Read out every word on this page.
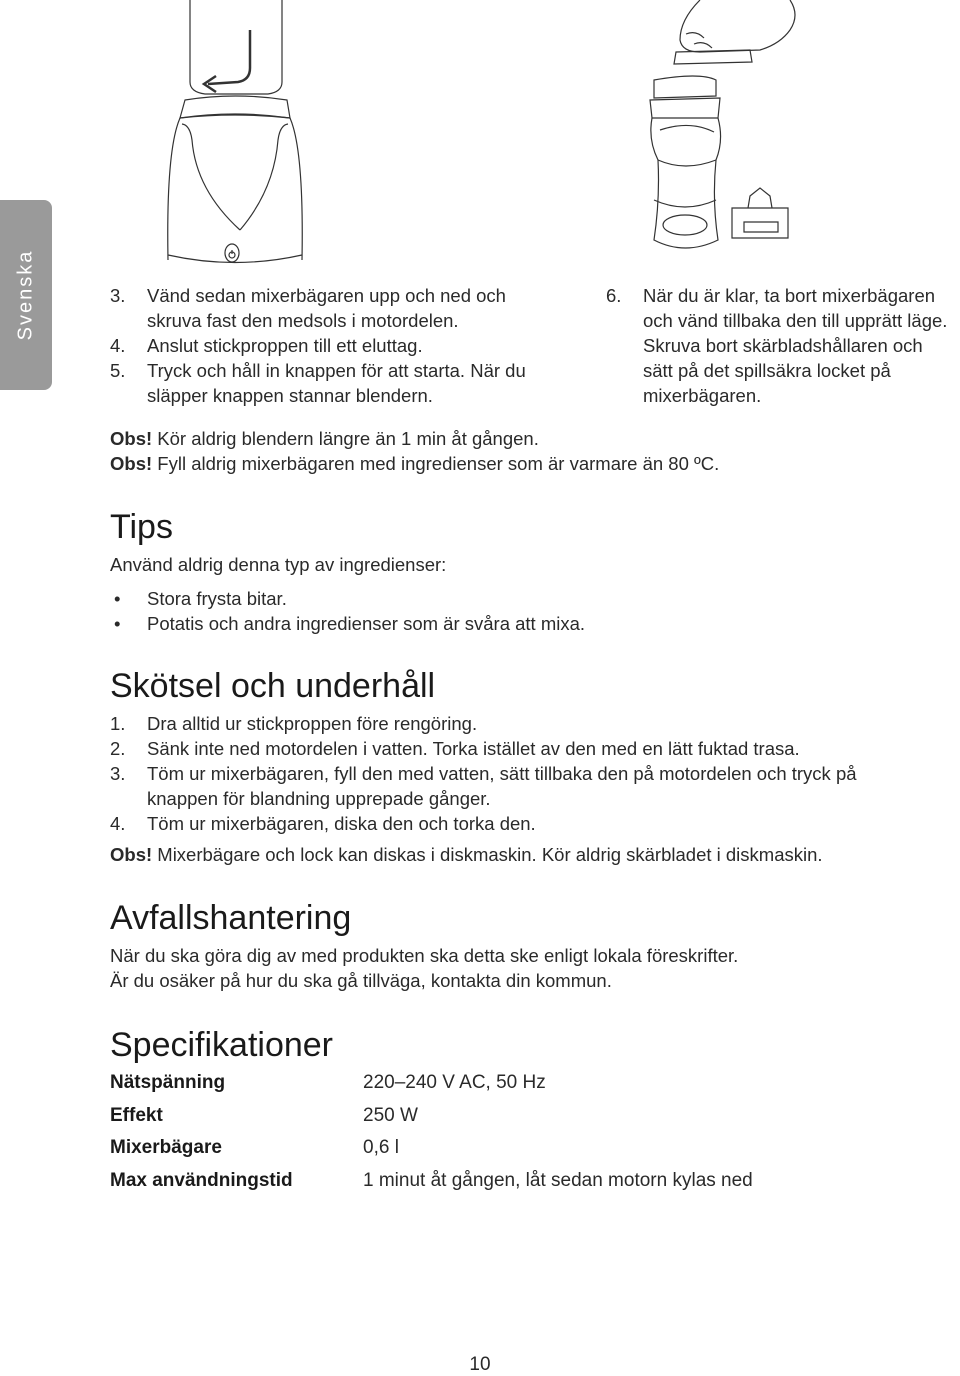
Svenska	3. Vänd sedan mixerbägaren upp och ned och skruva fast den medsols i motordelen.
4. Anslut stickproppen till ett eluttag.
5. Tryck och håll in knappen för att starta. När du släpper knappen stannar blendern.
6. När du är klar, ta bort mixerbägaren och vänd tillbaka den till upprätt läge. Skruva bort skärbladshållaren och sätt på det spillsäkra locket på mixerbägaren.
Obs! Kör aldrig blendern längre än 1 min åt gången.
Obs! Fyll aldrig mixerbägaren med ingredienser som är varmare än 80 ºC.
Tips
Använd aldrig denna typ av ingredienser:
• Stora frysta bitar.
• Potatis och andra ingredienser som är svåra att mixa.
Skötsel och underhåll
1. Dra alltid ur stickproppen före rengöring.
2. Sänk inte ned motordelen i vatten. Torka istället av den med en lätt fuktad trasa.
3. Töm ur mixerbägaren, fyll den med vatten, sätt tillbaka den på motordelen och tryck på knappen för blandning upprepade gånger.
4. Töm ur mixerbägaren, diska den och torka den.
Obs! Mixerbägare och lock kan diskas i diskmaskin. Kör aldrig skärbladet i diskmaskin.
Avfallshantering
När du ska göra dig av med produkten ska detta ske enligt lokala föreskrifter.
Är du osäker på hur du ska gå tillväga, kontakta din kommun.
Specifikationer
Nätspänning	220–240 V AC, 50 Hz
Effekt	250 W
Mixerbägare	0,6 l
Max användningstid	1 minut åt gången, låt sedan motorn kylas ned
10
